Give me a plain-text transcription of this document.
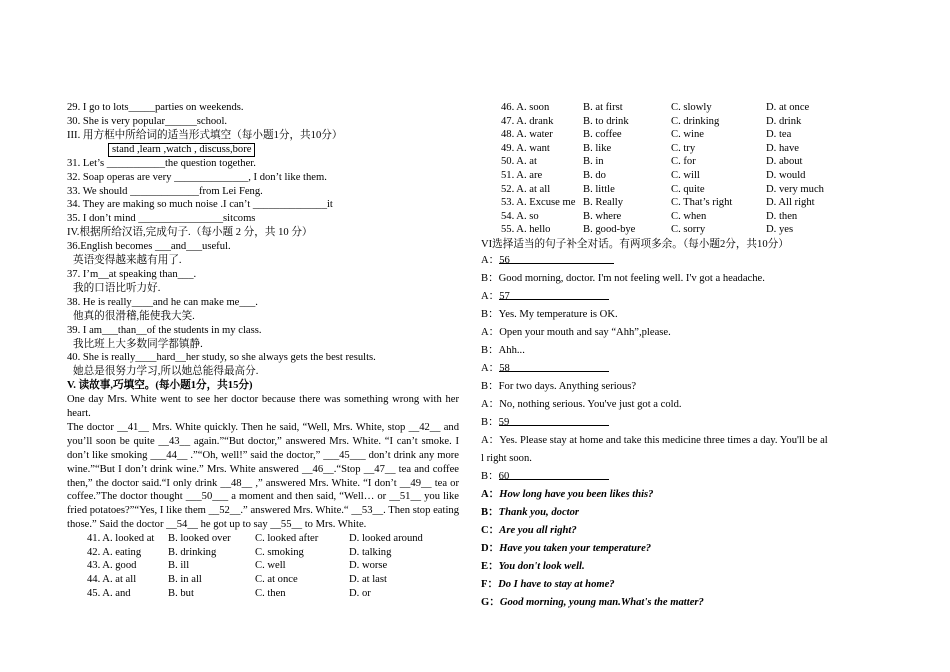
29. I go to lots_____parties on weekends.
30. She is very popular______school.
III. 用方框中所给词的适当形式填空（每小题1分，共10分）
stand ,learn ,watch , discuss,bore
31. Let’s ___________the question together.
32. Soap operas are very ______________, I don’t like them.
33. We should _____________from Lei Feng.
34. They are making so much noise .I can’t ______________it
35. I don’t mind ________________sitcoms
IV.根据所给汉语,完成句子.（每小题 2 分，共 10 分）
36.English becomes ___and___useful.
英语变得越来越有用了.
37. I’m__at speaking than___.
我的口语比听力好.
38. He is really____and he can make me___.
他真的很滑稽,能使我大笑.
39. I am___than__of the students in my class.
我比班上大多数同学都镇静.
40. She is really____hard__her study, so she always gets the best results.
她总是很努力学习,所以她总能得最高分.
V. 读故事,巧填空。(每小题1分，共15分)
One day Mrs. White went to see her doctor because there was something wrong with her heart.
The doctor __41__ Mrs. White quickly. Then he said, “Well, Mrs. White, stop __42__ and you’ll soon be quite __43__ again.”“But doctor,” answered Mrs. White. “I can’t smoke. I don’t like smoking ___44__ .”“Oh, well!” said the doctor,” ___45___ don’t drink any more wine.”“But I don’t drink wine.” Mrs. White answered __46__.“Stop __47__ tea and coffee then,” the doctor said.“I only drink __48__ ,” answered Mrs. White. “I don’t __49__ tea or coffee.”The doctor thought ___50___ a moment and then said, “Well… or __51__ you like fried potatoes?”“Yes, I like them __52__.” answered Mrs. White.“ __53__. Then stop eating those.” Said the doctor __54__ he got up to say __55__ to Mrs. White.
41. A. looked at	B. looked over	C. looked after	D. looked around
42. A. eating	B. drinking	C. smoking	D. talking
43. A. good	B. ill	C. well	D. worse
44. A. at all	B. in all	C. at once	D. at last
45. A. and	B. but	C. then	D. or
46. A. soon	B. at first	C. slowly	D. at once
47. A. drank	B. to drink	C. drinking	D. drink
48. A. water	B. coffee	C. wine	D. tea
49. A. want	B. like	C. try	D. have
50. A. at	B. in	C. for	D. about
51. A. are	B. do	C. will	D. would
52. A. at all	B. little	C. quite	D. very much
53. A. Excuse me B. Really	C. That’s right	D. All right
54. A. so	B. where	C. when	D. then
55. A. hello	B. good-bye	C. sorry	D. yes
VI选择适当的句子补全对话。有两项多余。（每小题2分，共10分）
A：56
B：Good morning, doctor. I'm not feeling well. I'v got a headache.
A：57
B：Yes. My temperature is OK.
A：Open your mouth and say “Ahh”,please.
B：Ahh...
A：58
B：For two days. Anything serious?
A：No, nothing serious. You've just got a cold.
B：59
A：Yes. Please stay at home and take this medicine three times a day. You'll be al
l right soon.
B：60
A：How long have you been likes this?
B：Thank you, doctor
C：Are you all right?
D：Have you taken your temperature?
E：You don't look well.
F：Do I have to stay at home?
G：Good morning, young man.What's the matter?
